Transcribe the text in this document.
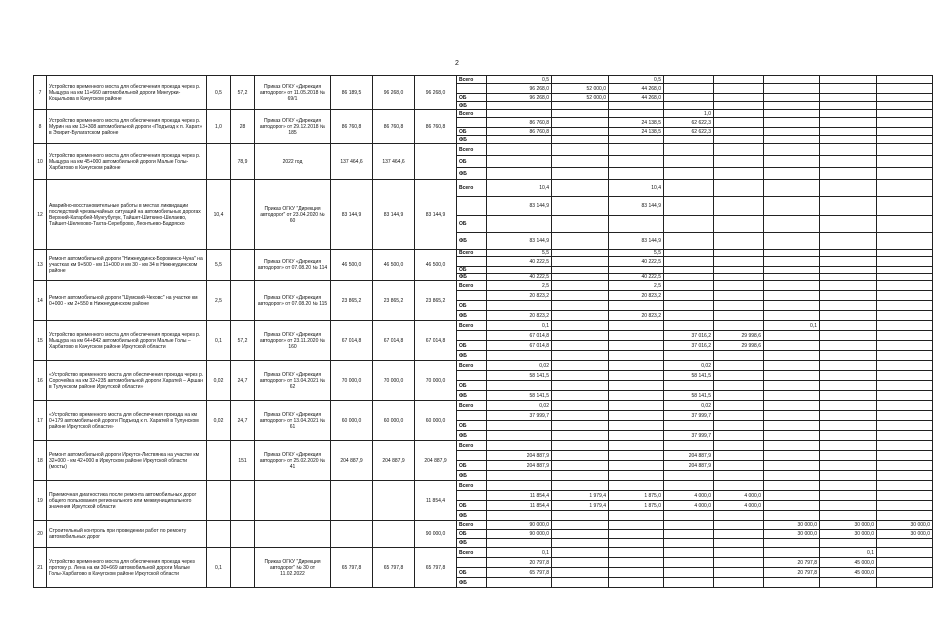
2
7	Устройство временного моста для обеспечения проезда через р. Мыщура на км 11+660 автомобильной дороги Мингурки-Коцыльова в Качугском районе	0,5	57,2	Приказ ОГКУ «Дирекция автодорог» от 11.05.2018 № 69/1	86 189,5	96 268,0	96 268,0	Всего	0,5		0,5					
									96 268,0	52 000,0	44 268,0					
								ОБ	96 268,0	52 000,0	44 268,0					
								ФБ								
8	Устройство временного моста для обеспечения проезда через р. Мурин на км 13+308 автомобильной дороги «Подъезд к п. Харат» в Эхирит-Булагатском районе	1,0	28	Приказ ОГКУ «Дирекция автодорог» от 29.12.2018 № 185	86 760,8	86 760,8	86 760,8	Всего				1,0				
									86 760,8		24 138,5	62 622,3				
								ОБ	86 760,8		24 138,5	62 622,3				
								ФБ								
10	Устройство временного моста для обеспечения проезда через р. Мыщура на км 45+000 автомобильной дороги Малые Голы-Харбатово в Качугском районе		78,9	2022 год	137 464,6	137 464,6		Всего								
								ОБ								
								ФБ								
12	Аварийно-восстановительные работы в местах ликвидации последствий чрезвычайных ситуаций на автомобильных дорогах Верхний-Катарбей-Мунгубулук, Тайшет-Шиткино-Шелаево, Тайшет-Шелехово-Тахта-Сереброво, Леонтьево-Бадряско	10,4		Приказ ОГКУ "Дирекция автодорог" от 23.04.2020 № 60	83 144,9	83 144,9	83 144,9	Всего	10,4		10,4					
									83 144,9		83 144,9					
								ОБ								
								ФБ	83 144,9		83 144,9					
13	Ремонт автомобильной дороги "Нижнеудинск-Боровинск-Чуна" на участках км 9+500 - км 11+000 и км 30 - км 34 в Нижнеудинском районе	5,5		Приказ ОГКУ «Дирекция автодорог» от 07.08.20 № 114	46 500,0	46 500,0	46 500,0	Всего	5,5		5,5					
									40 222,5		40 222,5					
								ОБ								
								ФБ	40 222,5		40 222,5					
14	Ремонт автомобильной дороги "Шумский-Чеховс" на участке км 0+000 - км 2+550 в Нижнеудинском районе	2,5		Приказ ОГКУ «Дирекция автодорог» от 07.08.20 № 115	23 865,2	23 865,2	23 865,2	Всего	2,5		2,5					
									20 823,2		20 823,2					
								ОБ								
								ФБ	20 823,2		20 823,2					
15	Устройство временного моста для обеспечения проезда через р. Мыщура на км 64+842 автомобильной дороги Малые Голы – Харбатово в Качугском районе Иркутской области	0,1	57,2	Приказ ОГКУ «Дирекция автодорог» от 23.11.2020 № 160	67 014,8	67 014,8	67 014,8	Всего	0,1					0,1		
									67 014,8			37 016,2	29 998,6			
								ОБ	67 014,8			37 016,2	29 998,6			
								ФБ								
16	«Устройство временного моста для обеспечения проезда через р. Сорочейка на км 32+235 автомобильной дороги Харатей – Аршан в Тулунском районе Иркутской области»	0,02	24,7	Приказ ОГКУ «Дирекция автодорог» от 13.04.2021 № 62	70 000,0	70 000,0	70 000,0	Всего	0,02			0,02				
									58 141,5			58 141,5				
								ОБ								
								ФБ	58 141,5			58 141,5				
17	«Устройство временного моста для обеспечения проезда на км 0+179 автомобильной дороги Подъезд к п. Харатей в Тулунском районе Иркутской области»	0,02	24,7	Приказ ОГКУ «Дирекция автодорог» от 13.04.2021 № 61	60 000,0	60 000,0	60 000,0	Всего	0,02			0,02				
									37 999,7			37 999,7				
								ОБ								
								ФБ				37 999,7				
18	Ремонт автомобильной дороги Иркутск-Листвянка на участке км 32+000 - км 42+000 в Иркутском районе Иркутской области (мосты)		151	Приказ ОГКУ «Дирекция автодорог» от 25.02.2020 № 41	204 887,9	204 887,9	204 887,9	Всего								
									204 887,9			204 887,9				
								ОБ	204 887,9			204 887,9				
								ФБ								
19	Приемочная диагностика после ремонта автомобильных дорог общего пользования регионального или межмуниципального значения Иркутской области						11 854,4	Всего								
									11 854,4	1 979,4	1 875,0	4 000,0	4 000,0			
								ОБ	11 854,4	1 979,4	1 875,0	4 000,0	4 000,0			
								ФБ								
20	Строительный контроль при проведении работ по ремонту автомобильных дорог						90 000,0	Всего	90 000,0					30 000,0	30 000,0	30 000,0
								ОБ	90 000,0					30 000,0	30 000,0	30 000,0
								ФБ								
21	Устройство временного моста для обеспечения проезда через протоку р. Лена на км 30+669 автомобильной дороги Малые Голы-Харбатово в Качугском районе Иркутской области	0,1		Приказ ОГКУ "Дирекция автодорог" № 30 от 11.02.2022	65 797,8	65 797,8	65 797,8	Всего	0,1						0,1	
									20 797,8					20 797,8	45 000,0	
								ОБ	65 797,8					20 797,8	45 000,0	
								ФБ								
